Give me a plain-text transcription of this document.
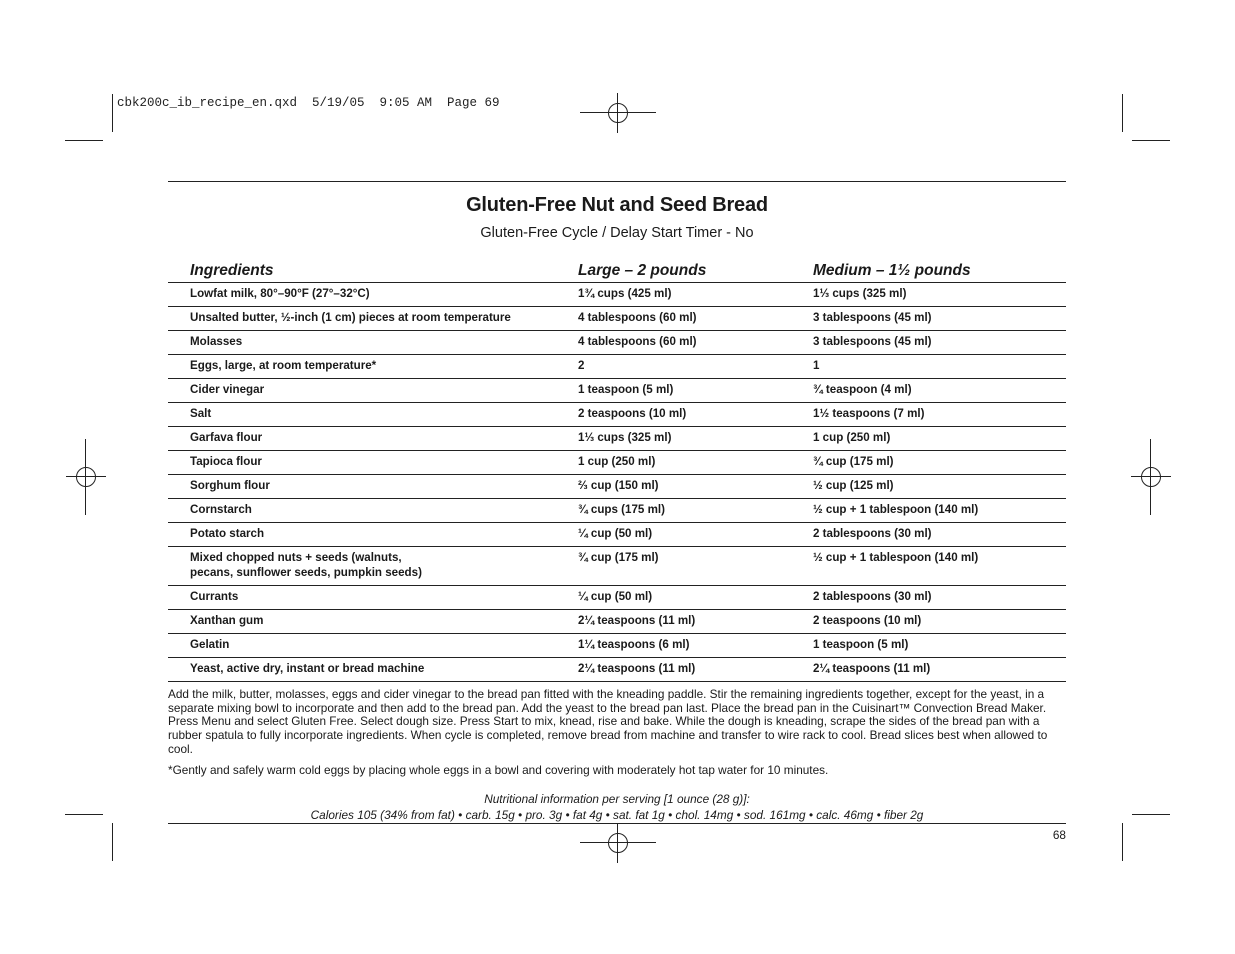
cbk200c_ib_recipe_en.qxd  5/19/05  9:05 AM  Page 69
Gluten-Free Nut and Seed Bread
Gluten-Free Cycle / Delay Start Timer - No
Ingredients	Large – 2 pounds	Medium – 1½ pounds
Lowfat milk, 80°–90°F (27°–32°C)	1¾ cups (425 ml)	1⅓ cups (325 ml)
Unsalted butter, ½-inch (1 cm) pieces at room temperature	4 tablespoons (60 ml)	3 tablespoons (45 ml)
Molasses	4 tablespoons (60 ml)	3 tablespoons (45 ml)
Eggs, large, at room temperature*	2	1
Cider vinegar	1 teaspoon (5 ml)	¾ teaspoon (4 ml)
Salt	2 teaspoons (10 ml)	1½ teaspoons (7 ml)
Garfava flour	1⅓ cups (325 ml)	1 cup (250 ml)
Tapioca flour	1 cup (250 ml)	¾ cup (175 ml)
Sorghum flour	⅔ cup (150 ml)	½ cup (125 ml)
Cornstarch	¾ cups (175 ml)	½ cup + 1 tablespoon (140 ml)
Potato starch	¼ cup (50 ml)	2 tablespoons (30 ml)
Mixed chopped nuts + seeds (walnuts, pecans, sunflower seeds, pumpkin seeds)	¾ cup (175 ml)	½ cup + 1 tablespoon (140 ml)
Currants	¼ cup (50 ml)	2 tablespoons (30 ml)
Xanthan gum	2¼ teaspoons (11 ml)	2 teaspoons (10 ml)
Gelatin	1¼ teaspoons (6 ml)	1 teaspoon (5 ml)
Yeast, active dry, instant or bread machine	2¼ teaspoons (11 ml)	2¼ teaspoons (11 ml)
Add the milk, butter, molasses, eggs and cider vinegar to the bread pan fitted with the kneading paddle. Stir the remaining ingredients together, except for the yeast, in a separate mixing bowl to incorporate and then add to the bread pan. Add the yeast to the bread pan last. Place the bread pan in the Cuisinart™ Convection Bread Maker. Press Menu and select Gluten Free. Select dough size. Press Start to mix, knead, rise and bake. While the dough is kneading, scrape the sides of the bread pan with a rubber spatula to fully incorporate ingredients. When cycle is completed, remove bread from machine and transfer to wire rack to cool. Bread slices best when allowed to cool.
*Gently and safely warm cold eggs by placing whole eggs in a bowl and covering with moderately hot tap water for 10 minutes.
Nutritional information per serving [1 ounce (28 g)]:
Calories 105 (34% from fat) • carb. 15g • pro. 3g • fat 4g • sat. fat 1g • chol. 14mg • sod. 161mg • calc. 46mg • fiber 2g
68
